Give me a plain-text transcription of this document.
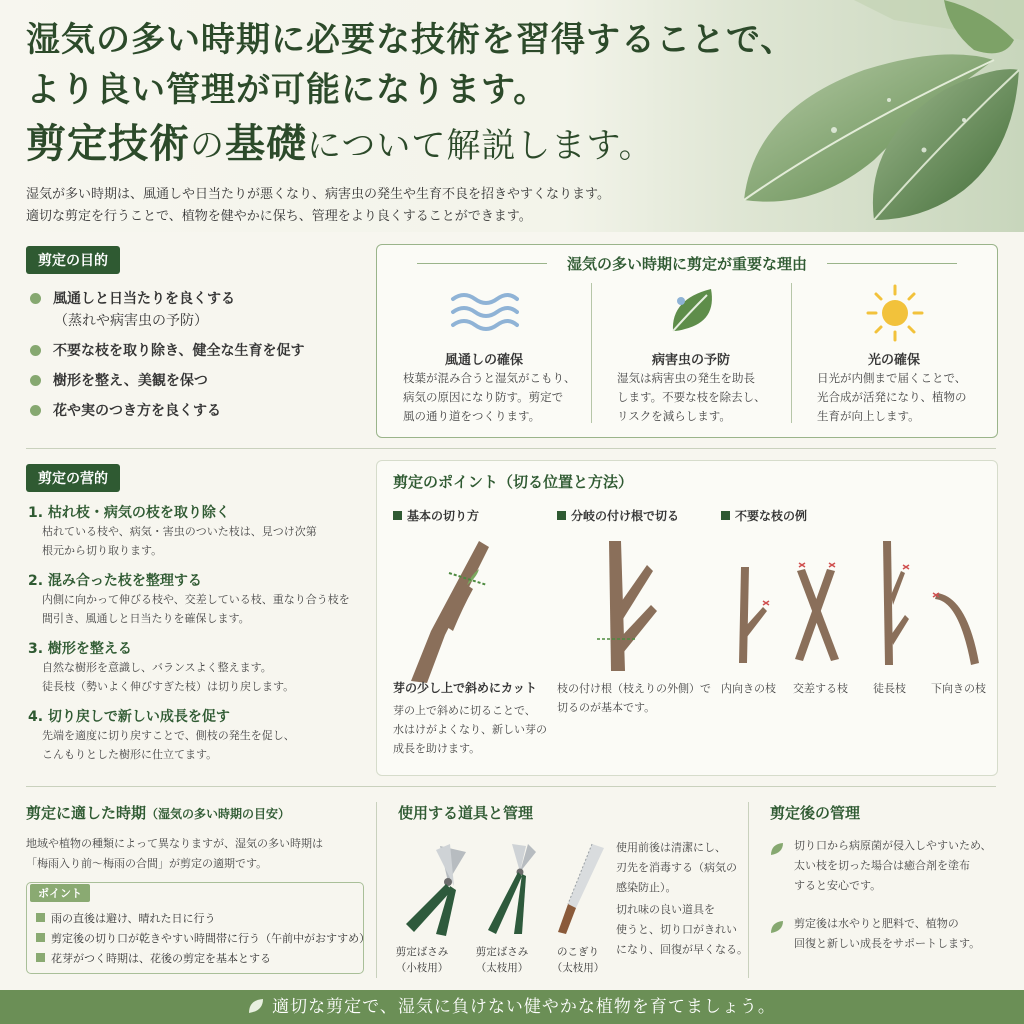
湿気の多い時期に必要な技術を習得することで、
より良い管理が可能になります。
剪定技術の基礎について解説します。
湿気が多い時期は、風通しや日当たりが悪くなり、病害虫の発生や生育不良を招きやすくなります。
適切な剪定を行うことで、植物を健やかに保ち、管理をより良くすることができます。
剪定の目的
風通しと日当たりを良くする
（蒸れや病害虫の予防）
不要な枝を取り除き、健全な生育を促す
樹形を整え、美観を保つ
花や実のつき方を良くする
湿気の多い時期に剪定が重要な理由
風通しの確保
枝葉が混み合うと湿気がこもり、
病気の原因になり防す。剪定で
風の通り道をつくります。
病害虫の予防
湿気は病害虫の発生を助長
します。不要な枝を除去し、
リスクを減らします。
光の確保
日光が内側まで届くことで、
光合成が活発になり、植物の
生育が向上します。
剪定の营的
1. 枯れ枝・病気の枝を取り除く
枯れている枝や、病気・害虫のついた枝は、見つけ次第
根元から切り取ります。
2. 混み合った枝を整理する
内側に向かって伸びる枝や、交差している枝、重なり合う枝を
間引き、風通しと日当たりを確保します。
3. 樹形を整える
自然な樹形を意識し、バランスよく整えます。
徒長枝（勢いよく伸びすぎた枝）は切り戻します。
4. 切り戻しで新しい成長を促す
先端を適度に切り戻すことで、側枝の発生を促し、
こんもりとした樹形に仕立てます。
剪定のポイント（切る位置と方法）
基本の切り方	分岐の付け根で切る	不要な枝の例
芽の少し上で斜めにカット
芽の上で斜めに切ることで、
水はけがよくなり、新しい芽の
成長を助けます。
枝の付け根（枝えりの外側）で
切るのが基本です。
内向きの枝 交差する枝 徒長枝 下向きの枝
剪定に適した時期（湿気の多い時期の目安）
地域や植物の種類によって異なりますが、湿気の多い時期は
「梅雨入り前～梅雨の合間」が剪定の適期です。
ポイント
雨の直後は避け、晴れた日に行う
剪定後の切り口が乾きやすい時間帯に行う（午前中がおすすめ）
花芽がつく時期は、花後の剪定を基本とする
使用する道具と管理
剪定ばさみ
（小枝用）
剪定ばさみ
（太枝用）
のこぎり
（太枝用）
使用前後は清潔にし、
刃先を消毒する（病気の
感染防止）。
切れ味の良い道具を
使うと、切り口がきれい
になり、回復が早くなる。
剪定後の管理
切り口から病原菌が侵入しやすいため、
太い枝を切った場合は癒合剤を塗布
すると安心です。
剪定後は水やりと肥料で、植物の
回復と新しい成長をサポートします。
適切な剪定で、湿気に負けない健やかな植物を育てましょう。
